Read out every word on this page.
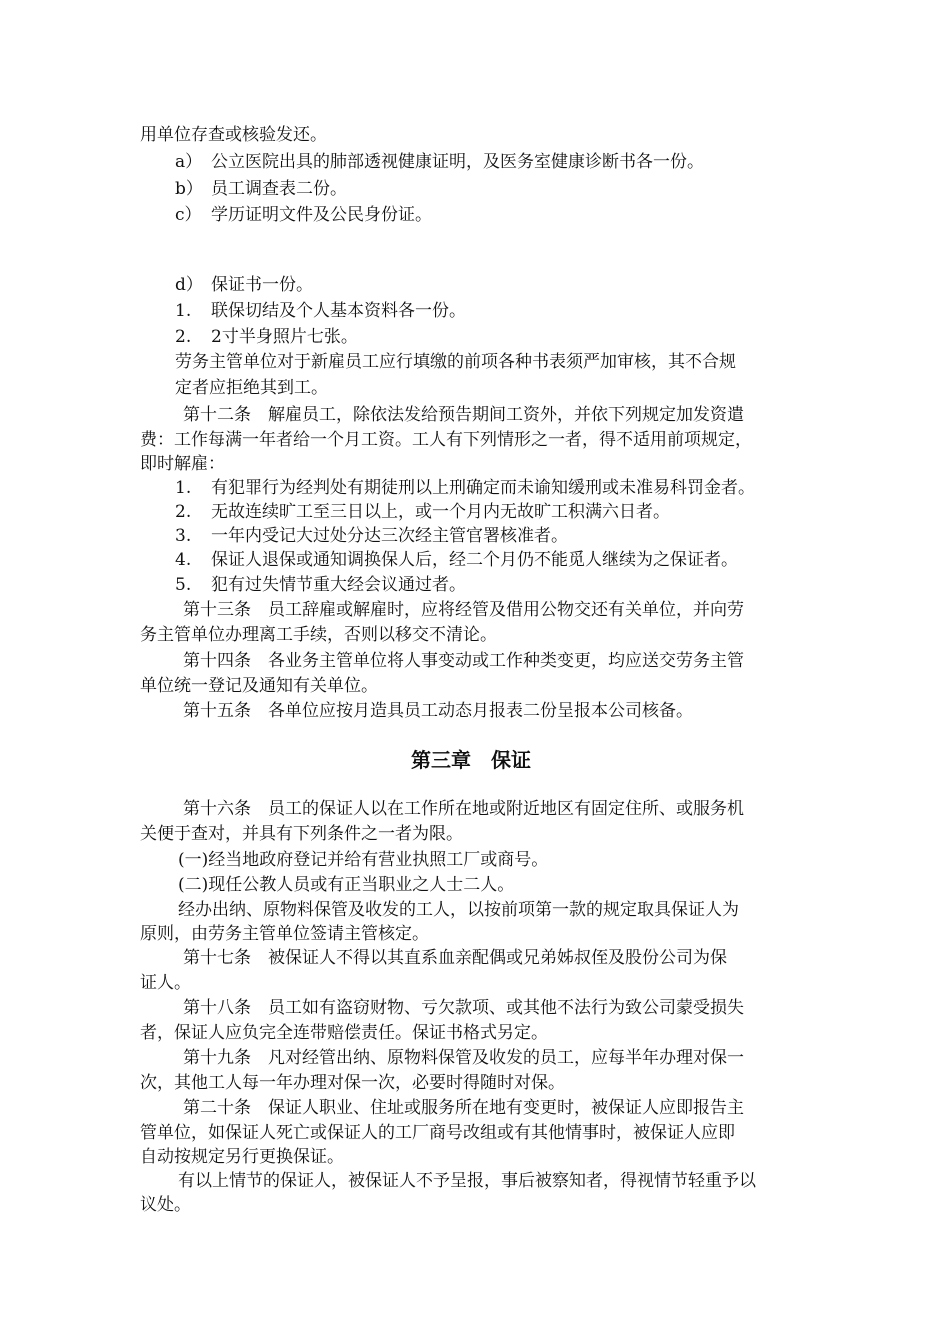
用单位存查或核验发还。
a） 公立医院出具的肺部透视健康证明，及医务室健康诊断书各一份。
b） 员工调查表二份。
c） 学历证明文件及公民身份证。
d） 保证书一份。
1. 联保切结及个人基本资料各一份。
2. 2寸半身照片七张。
劳务主管单位对于新雇员工应行填缴的前项各种书表须严加审核，其不合规
定者应拒绝其到工。
第十二条　解雇员工，除依法发给预告期间工资外，并依下列规定加发资遣
费：工作每满一年者给一个月工资。工人有下列情形之一者，得不适用前项规定，
即时解雇：
1. 有犯罪行为经判处有期徒刑以上刑确定而未谕知缓刑或未准易科罚金者。
2. 无故连续旷工至三日以上，或一个月内无故旷工积满六日者。
3. 一年内受记大过处分达三次经主管官署核准者。
4. 保证人退保或通知调换保人后，经二个月仍不能觅人继续为之保证者。
5. 犯有过失情节重大经会议通过者。
第十三条　员工辞雇或解雇时，应将经管及借用公物交还有关单位，并向劳
务主管单位办理离工手续，否则以移交不清论。
第十四条　各业务主管单位将人事变动或工作种类变更，均应送交劳务主管
单位统一登记及通知有关单位。
第十五条　各单位应按月造具员工动态月报表二份呈报本公司核备。
第三章　保证
第十六条　员工的保证人以在工作所在地或附近地区有固定住所、或服务机
关便于查对，并具有下列条件之一者为限。
(一)经当地政府登记并给有营业执照工厂或商号。
(二)现任公教人员或有正当职业之人士二人。
经办出纳、原物料保管及收发的工人，以按前项第一款的规定取具保证人为
原则，由劳务主管单位签请主管核定。
第十七条　被保证人不得以其直系血亲配偶或兄弟姊叔侄及股份公司为保
证人。
第十八条　员工如有盗窃财物、亏欠款项、或其他不法行为致公司蒙受损失
者，保证人应负完全连带赔偿责任。保证书格式另定。
第十九条　凡对经管出纳、原物料保管及收发的员工，应每半年办理对保一
次，其他工人每一年办理对保一次，必要时得随时对保。
第二十条　保证人职业、住址或服务所在地有变更时，被保证人应即报告主
管单位，如保证人死亡或保证人的工厂商号改组或有其他情事时，被保证人应即
自动按规定另行更换保证。
有以上情节的保证人，被保证人不予呈报，事后被察知者，得视情节轻重予以
议处。
